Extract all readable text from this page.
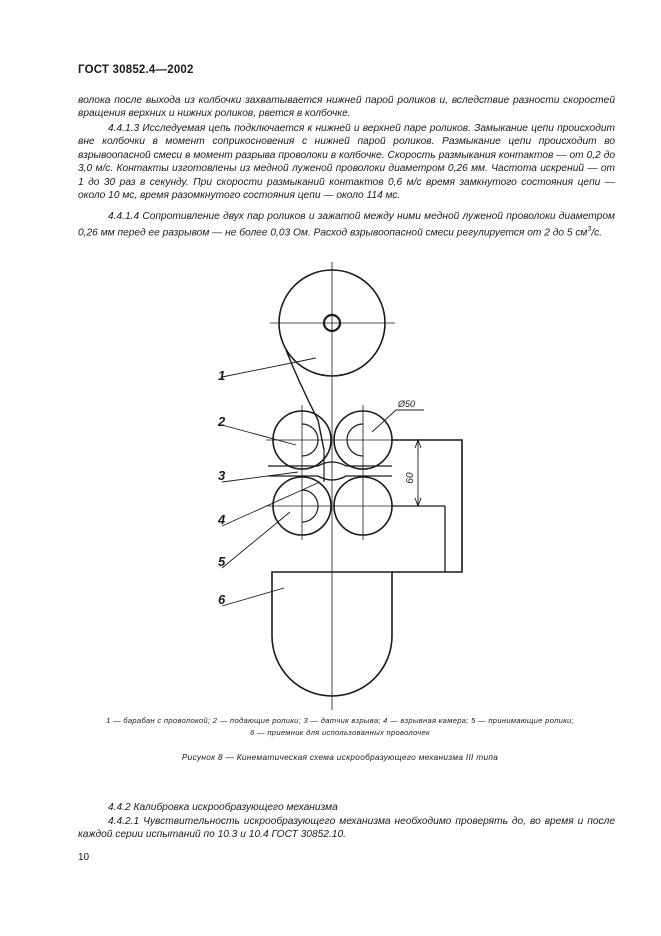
ГОСТ 30852.4—2002

волока после выхода из колбочки захватывается нижней парой роликов и, вследствие разности скоростей вращения верхних и нижних роликов, рвется в колбочке.

4.4.1.3 Исследуемая цепь подключается к нижней и верхней паре роликов. Замыкание цепи происходит вне колбочки в момент соприкосновения с нижней парой роликов. Размыкание цепи происходит во взрывоопасной смеси в момент разрыва проволоки в колбочке. Скорость размыкания контактов — от 0,2 до 3,0 м/с. Контакты изготовлены из медной луженой проволоки диаметром 0,26 мм. Частота искрений — от 1 до 30 раз в секунду. При скорости размыканий контактов 0,6 м/с время замкнутого состояния цепи — около 10 мс, время разомкнутого состояния цепи — около 114 мс.

4.4.1.4 Сопротивление двух пар роликов и зажатой между ними медной луженой проволоки диаметром 0,26 мм перед ее разрывом — не более 0,03 Ом. Расход взрывоопасной смеси регулируется от 2 до 5 $см^3/с$.

60
Ø50
1
2
3
4
5
6
1 — барабан с проволокой; 2 — подающие ролики; 3 — датчик взрыва; 4 — взрывная камера; 5 — принимающие ролики;
6 — приемник для использованных проволочек
Рисунок 8 — Кинематическая схема искрообразующего механизма III типа

4.4.2 Калибровка искрообразующего механизма

4.4.2.1 Чувствительность искрообразующего механизма необходимо проверять до, во время и после каждой серии испытаний по 10.3 и 10.4 ГОСТ 30852.10.

10
